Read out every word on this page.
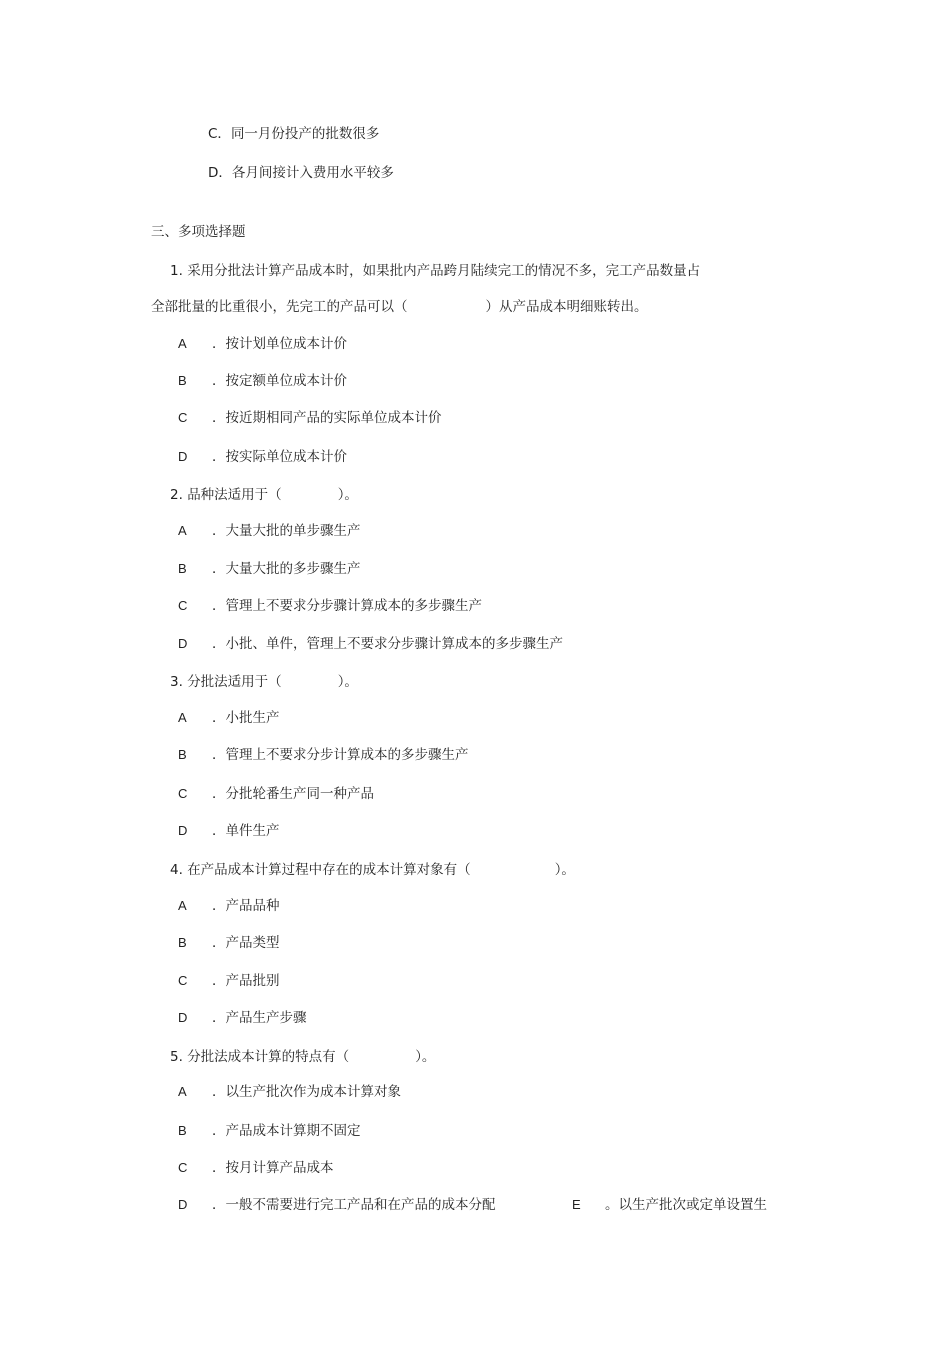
C．同一月份投产的批数很多
D．各月间接计入费用水平较多
三、多项选择题
1. 采用分批法计算产品成本时，如果批内产品跨月陆续完工的情况不多，完工产品数量占
全部批量的比重很小，先完工的产品可以（	）从产品成本明细账转出。
A	．按计划单位成本计价
B	．按定额单位成本计价
C	．按近期相同产品的实际单位成本计价
D	．按实际单位成本计价
2. 品种法适用于（	）。
A	．大量大批的单步骤生产
B	．大量大批的多步骤生产
C	．管理上不要求分步骤计算成本的多步骤生产
D	．小批、单件，管理上不要求分步骤计算成本的多步骤生产
3. 分批法适用于（	）。
A	．小批生产
B	．管理上不要求分步计算成本的多步骤生产
C	．分批轮番生产同一种产品
D	．单件生产
4. 在产品成本计算过程中存在的成本计算对象有（	）。
A	．产品品种
B	．产品类型
C	．产品批别
D	．产品生产步骤
5. 分批法成本计算的特点有（	）。
A	．以生产批次作为成本计算对象
B	．产品成本计算期不固定
C	．按月计算产品成本
D	．一般不需要进行完工产品和在产品的成本分配	E 。以生产批次或定单设置生
